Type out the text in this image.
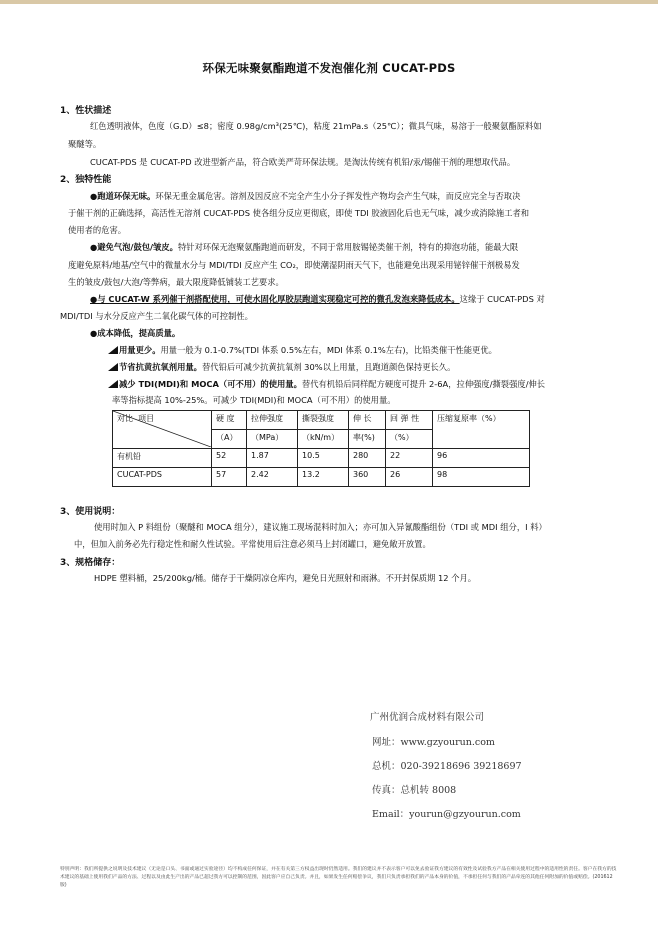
环保无味聚氨酯跑道不发泡催化剂 CUCAT-PDS
1、性状描述
红色透明液体，色度（G.D）≤8；密度 0.98g/cm³(25℃)，粘度 21mPa.s（25℃）；微具气味，易溶于一般聚氨酯原料如
聚醚等。
CUCAT-PDS 是 CUCAT-PD 改进型新产品，符合欧美严苛环保法规。是淘汰传统有机铅/汞/锡催干剂的理想取代品。
2、独特性能
●跑道环保无味。环保无重金属危害。溶剂及因反应不完全产生小分子挥发性产物均会产生气味，而反应完全与否取决
于催干剂的正确选择，高活性无溶剂 CUCAT-PDS 使各组分反应更彻底，即使 TDI 胶液固化后也无气味，减少或消除施工者和
使用者的危害。
●避免气泡/鼓包/皱皮。特针对环保无泡聚氨酯跑道而研发，不同于常用胺锡铋类催干剂，特有的抑泡功能，能最大限
度避免原料/地基/空气中的微量水分与 MDI/TDI 反应产生 CO₂，即使潮湿阴雨天气下，也能避免出现采用铋锌催干剂极易发
生的皱皮/鼓包/大泡/等弊病，最大限度降低铺装工艺要求。
●与 CUCAT-W 系列催干剂搭配使用，可使水固化厚胶层跑道实现稳定可控的微孔发泡来降低成本。这缘于 CUCAT-PDS 对
MDI/TDI 与水分反应产生二氧化碳气体的可控制性。
●成本降低，提高质量。
用量更少。用量一般为 0.1-0.7%(TDI 体系 0.5%左右，MDI 体系 0.1%左右)，比铅类催干性能更优。
节省抗黄抗氧剂用量。替代铅后可减少抗黄抗氧剂 30%以上用量，且跑道颜色保持更长久。
减少 TDI(MDI)和 MOCA（可不用）的使用量。替代有机铅后同样配方硬度可提升 2-6A，拉伸强度/撕裂强度/伸长
率等指标提高 10%-25%。可减少 TDI(MDI)和 MOCA（可不用）的使用量。
对比 项目	硬 度	拉伸强度	撕裂强度	伸 长	回 弹 性	压缩复原率（%）
	（A）	（MPa）	（kN/m）	率(%)	（%）	
有机铅	52	1.87	10.5	280	22	96
CUCAT-PDS	57	2.42	13.2	360	26	98
3、使用说明：
使用时加入 P 料组份（聚醚和 MOCA 组分），建议施工现场混料时加入；亦可加入异氰酸酯组份（TDI 或 MDI 组分，I 料）
中，但加入前务必先行稳定性和耐久性试验。平常使用后注意必须马上封闭罐口，避免敞开放置。
3、规格储存：
HDPE 塑料桶，25/200kg/桶。储存于干燥阴凉仓库内，避免日光照射和雨淋。不开封保质期 12 个月。
广州优润合成材料有限公司
网址：www.gzyourun.com
总机：020-39218696 39218697
传真：总机转 8008
Email：yourun@gzyourun.com
特别声明：我们所提供之说明及技术建议（无论是口头、书面或通过实验途径）均不构成任何保证，并在有关第三方权益出现时仍然适用。我们的建议并不表示客户可以免去验证我方建议的有效性及试验我方产品在相关使用过程中的适用性的责任。客户在我方的技术建议的基础上使用我们产品的方法、过程以及由此生产出的产品已超过我方可以控制的范围，因此客户应自己负责。并且，如果发生任何赔偿争议，我们只负责承担我们的产品本身的价值，不承担任何与我们的产品牵连的其他任何附加的价值或赔偿。(201612 版)
